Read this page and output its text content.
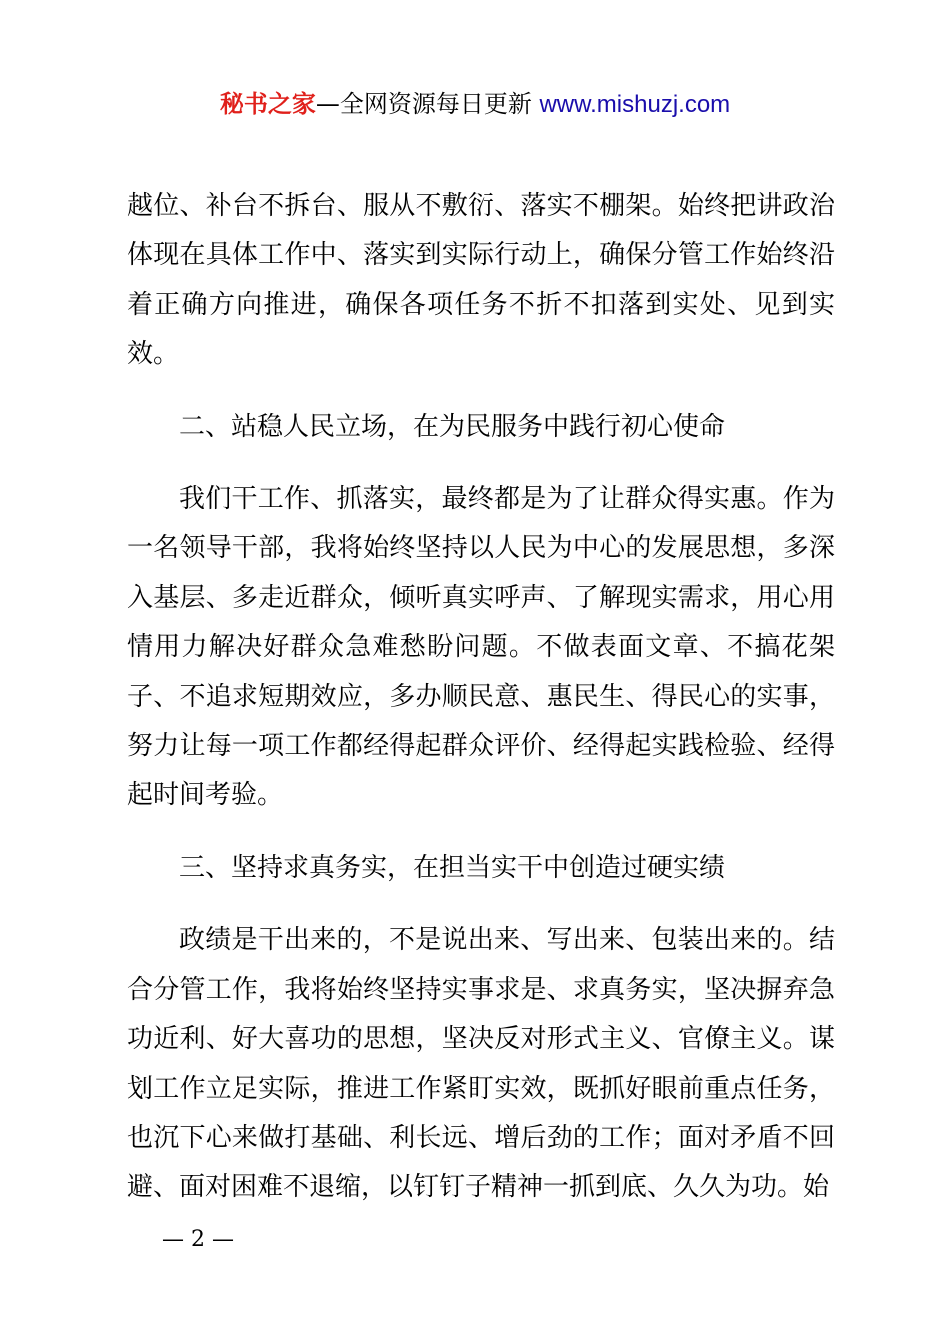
秘书之家—全网资源每日更新 www.mishuzj.com

越位、补台不拆台、服从不敷衍、落实不棚架。始终把讲政治体现在具体工作中、落实到实际行动上，确保分管工作始终沿着正确方向推进，确保各项任务不折不扣落到实处、见到实效。

二、站稳人民立场，在为民服务中践行初心使命

我们干工作、抓落实，最终都是为了让群众得实惠。作为一名领导干部，我将始终坚持以人民为中心的发展思想，多深入基层、多走近群众，倾听真实呼声、了解现实需求，用心用情用力解决好群众急难愁盼问题。不做表面文章、不搞花架子、不追求短期效应，多办顺民意、惠民生、得民心的实事，努力让每一项工作都经得起群众评价、经得起实践检验、经得起时间考验。

三、坚持求真务实，在担当实干中创造过硬实绩

政绩是干出来的，不是说出来、写出来、包装出来的。结合分管工作，我将始终坚持实事求是、求真务实，坚决摒弃急功近利、好大喜功的思想，坚决反对形式主义、官僚主义。谋划工作立足实际，推进工作紧盯实效，既抓好眼前重点任务，也沉下心来做打基础、利长远、增后劲的工作；面对矛盾不回避、面对困难不退缩，以钉钉子精神一抓到底、久久为功。始

— 2 —
